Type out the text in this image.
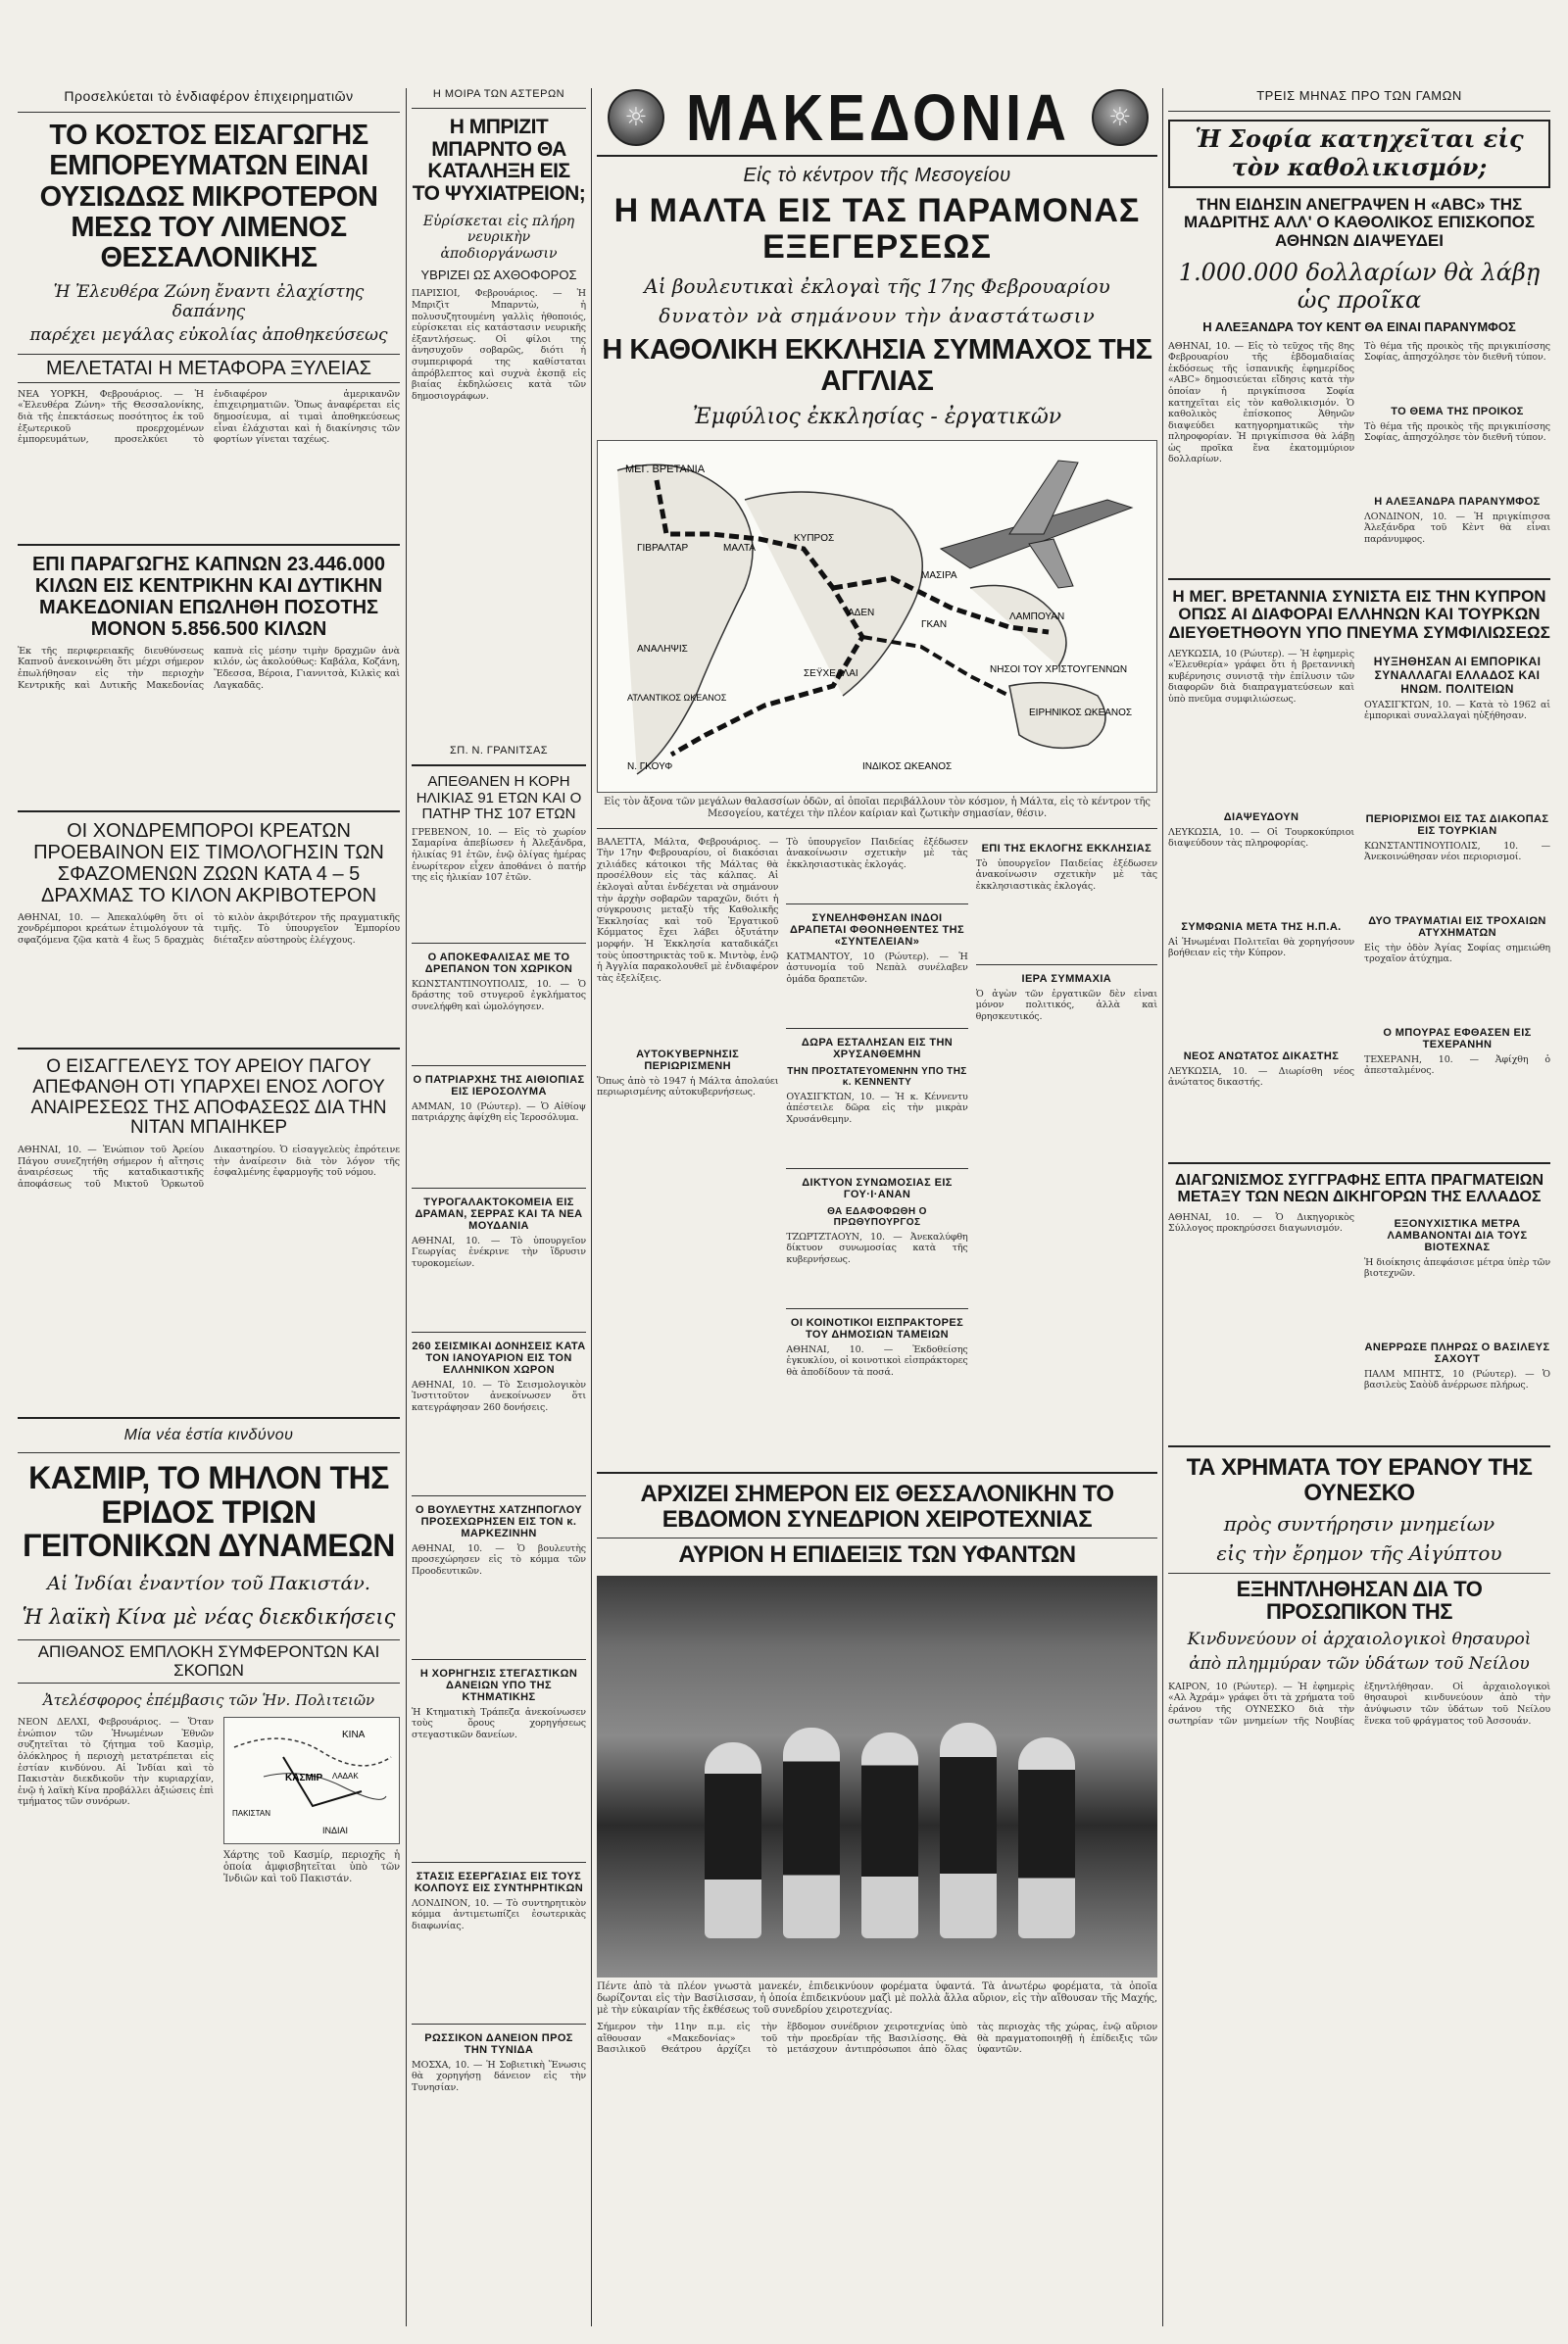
☼ ΜΑΚΕΔΟΝΙΑ	☼
Προσελκύεται τὸ ἐνδιαφέρον ἐπιχειρηματιῶν
ΤΟ ΚΟΣΤΟΣ ΕΙΣΑΓΩΓΗΣ ΕΜΠΟΡΕΥΜΑΤΩΝ ΕΙΝΑΙ ΟΥΣΙΩΔΩΣ ΜΙΚΡΟΤΕΡΟΝ ΜΕΣΩ ΤΟΥ ΛΙΜΕΝΟΣ ΘΕΣΣΑΛΟΝΙΚΗΣ
Ἡ Ἐλευθέρα Ζώνη ἔναντι ἐλαχίστης δαπάνης
παρέχει μεγάλας εὐκολίας ἀποθηκεύσεως
ΜΕΛΕΤΑΤΑΙ Η ΜΕΤΑΦΟΡΑ ΞΥΛΕΙΑΣ
ΝΕΑ ΥΟΡΚΗ, Φεβρουάριος. — Ἡ «Ἐλευθέρα Ζώνη» τῆς Θεσσαλονίκης, διὰ τῆς ἐπεκτάσεως ποσότητος ἐκ τοῦ ἐξωτερικοῦ προερχομένων ἐμπορευμάτων, προσελκύει τὸ ἐνδιαφέρον ἀμερικανῶν ἐπιχειρηματιῶν. Ὅπως ἀναφέρεται εἰς δημοσίευμα, αἱ τιμαὶ ἀποθηκεύσεως εἶναι ἐλάχισται καὶ ἡ διακίνησις τῶν φορτίων γίνεται ταχέως.
ΕΠΙ ΠΑΡΑΓΩΓΗΣ ΚΑΠΝΩΝ 23.446.000 ΚΙΛΩΝ ΕΙΣ ΚΕΝΤΡΙΚΗΝ ΚΑΙ ΔΥΤΙΚΗΝ ΜΑΚΕΔΟΝΙΑΝ ΕΠΩΛΗΘΗ ΠΟΣΟΤΗΣ ΜΟΝΟΝ 5.856.500 ΚΙΛΩΝ
Ἐκ τῆς περιφερειακῆς διευθύνσεως Καπνοῦ ἀνεκοινώθη ὅτι μέχρι σήμερον ἐπωλήθησαν εἰς τὴν περιοχὴν Κεντρικῆς καὶ Δυτικῆς Μακεδονίας καπνὰ εἰς μέσην τιμὴν δραχμῶν ἀνὰ κιλόν, ὡς ἀκολούθως: Καβάλα, Κοζάνη, Ἔδεσσα, Βέροια, Γιαννιτσὰ, Κιλκὶς καὶ Λαγκαδᾶς.
ΟΙ ΧΟΝΔΡΕΜΠΟΡΟΙ ΚΡΕΑΤΩΝ ΠΡΟΕΒΑΙΝΟΝ ΕΙΣ ΤΙΜΟΛΟΓΗΣΙΝ ΤΩΝ ΣΦΑΖΟΜΕΝΩΝ ΖΩΩΝ ΚΑΤΑ 4 – 5 ΔΡΑΧΜΑΣ ΤΟ ΚΙΛΟΝ ΑΚΡΙΒΟΤΕΡΟΝ
ΑΘΗΝΑΙ, 10. — Ἀπεκαλύφθη ὅτι οἱ χονδρέμποροι κρεάτων ἐτιμολόγουν τὰ σφαζόμενα ζῷα κατὰ 4 ἕως 5 δραχμὰς τὸ κιλὸν ἀκριβότερον τῆς πραγματικῆς τιμῆς. Τὸ ὑπουργεῖον Ἐμπορίου διέταξεν αὐστηροὺς ἐλέγχους.
Ο ΕΙΣΑΓΓΕΛΕΥΣ ΤΟΥ ΑΡΕΙΟΥ ΠΑΓΟΥ ΑΠΕΦΑΝΘΗ ΟΤΙ ΥΠΑΡΧΕΙ ΕΝΟΣ ΛΟΓΟΥ ΑΝΑΙΡΕΣΕΩΣ ΤΗΣ ΑΠΟΦΑΣΕΩΣ ΔΙΑ ΤΗΝ ΝΙΤΑΝ ΜΠΑΙΗΚΕΡ
ΑΘΗΝΑΙ, 10. — Ἐνώπιον τοῦ Ἀρείου Πάγου συνεζητήθη σήμερον ἡ αἴτησις ἀναιρέσεως τῆς καταδικαστικῆς ἀποφάσεως τοῦ Μικτοῦ Ὁρκωτοῦ Δικαστηρίου. Ὁ εἰσαγγελεὺς ἐπρότεινε τὴν ἀναίρεσιν διὰ τὸν λόγον τῆς ἐσφαλμένης ἐφαρμογῆς τοῦ νόμου.
Μία νέα ἑστία κινδύνου
ΚΑΣΜΙΡ, ΤΟ ΜΗΛΟΝ ΤΗΣ ΕΡΙΔΟΣ ΤΡΙΩΝ ΓΕΙΤΟΝΙΚΩΝ ΔΥΝΑΜΕΩΝ
Αἱ Ἰνδίαι ἐναντίον τοῦ Πακιστάν.
Ἡ λαϊκὴ Κίνα μὲ νέας διεκδικήσεις
ΑΠΙΘΑΝΟΣ ΕΜΠΛΟΚΗ ΣΥΜΦΕΡΟΝΤΩΝ ΚΑΙ ΣΚΟΠΩΝ
Ἀτελέσφορος ἐπέμβασις τῶν Ἡν. Πολιτειῶν
ΝΕΟΝ ΔΕΛΧΙ, Φεβρουάριος. — Ὅταν ἐνώπιον τῶν Ἡνωμένων Ἐθνῶν συζητεῖται τὸ ζήτημα τοῦ Κασμὶρ, ὁλόκληρος ἡ περιοχὴ μετατρέπεται εἰς ἑστίαν κινδύνου. Αἱ Ἰνδίαι καὶ τὸ Πακιστὰν διεκδικοῦν τὴν κυριαρχίαν, ἐνῷ ἡ λαϊκὴ Κίνα προβάλλει ἀξιώσεις ἐπὶ τμήματος τῶν συνόρων.
ΚΙΝΑ
ΚΑΣΜΙΡ ΛΑΔΑΚ
ΠΑΚΙΣΤΑΝ
ΙΝΔΙΑΙ
Χάρτης τοῦ Κασμίρ, περιοχῆς ἡ ὁποία ἀμφισβητεῖται ὑπὸ τῶν Ἰνδιῶν καὶ τοῦ Πακιστάν.
Η ΜΟΙΡΑ ΤΩΝ ΑΣΤΕΡΩΝ
Η ΜΠΡΙΖΙΤ ΜΠΑΡΝΤΟ ΘΑ ΚΑΤΑΛΗΞΗ ΕΙΣ ΤΟ ΨΥΧΙΑΤΡΕΙΟΝ;
Εὑρίσκεται εἰς πλήρη νευρικὴν ἀποδιοργάνωσιν
ΥΒΡΙΖΕΙ ΩΣ ΑΧΘΟΦΟΡΟΣ
ΠΑΡΙΣΙΟΙ, Φεβρουάριος. — Ἡ Μπριζὶτ Μπαρντὼ, ἡ πολυσυζητουμένη γαλλὶς ἠθοποιός, εὑρίσκεται εἰς κατάστασιν νευρικῆς ἐξαντλήσεως. Οἱ φίλοι της ἀνησυχοῦν σοβαρῶς, διότι ἡ συμπεριφορά της καθίσταται ἀπρόβλεπτος καὶ συχνὰ ἐκσπᾷ εἰς βιαίας ἐκδηλώσεις κατὰ τῶν δημοσιογράφων.
ΣΠ. Ν. ΓΡΑΝΙΤΣΑΣ
ΑΠΕΘΑΝΕΝ Η ΚΟΡΗ ΗΛΙΚΙΑΣ 91 ΕΤΩΝ ΚΑΙ Ο ΠΑΤΗΡ ΤΗΣ 107 ΕΤΩΝ
ΓΡΕΒΕΝΟΝ, 10. — Εἰς τὸ χωρίον Σαμαρίνα ἀπεβίωσεν ἡ Ἀλεξάνδρα, ἡλικίας 91 ἐτῶν, ἐνῷ ὀλίγας ἡμέρας ἐνωρίτερον εἶχεν ἀποθάνει ὁ πατήρ της εἰς ἡλικίαν 107 ἐτῶν.
Ο ΑΠΟΚΕΦΑΛΙΣΑΣ ΜΕ ΤΟ ΔΡΕΠΑΝΟΝ ΤΟΝ ΧΩΡΙΚΟΝ
ΚΩΝΣΤΑΝΤΙΝΟΥΠΟΛΙΣ, 10. — Ὁ δράστης τοῦ στυγεροῦ ἐγκλήματος συνελήφθη καὶ ὡμολόγησεν.
Ο ΠΑΤΡΙΑΡΧΗΣ ΤΗΣ ΑΙΘΙΟΠΙΑΣ ΕΙΣ ΙΕΡΟΣΟΛΥΜΑ
ΑΜΜΑΝ, 10 (Ρώυτερ). — Ὁ Αἰθίοψ πατριάρχης ἀφίχθη εἰς Ἰεροσόλυμα.
ΤΥΡΟΓΑΛΑΚΤΟΚΟΜΕΙΑ ΕΙΣ ΔΡΑΜΑΝ, ΣΕΡΡΑΣ ΚΑΙ ΤΑ ΝΕΑ ΜΟΥΔΑΝΙΑ
ΑΘΗΝΑΙ, 10. — Τὸ ὑπουργεῖον Γεωργίας ἐνέκρινε τὴν ἵδρυσιν τυροκομείων.
260 ΣΕΙΣΜΙΚΑΙ ΔΟΝΗΣΕΙΣ ΚΑΤΑ ΤΟΝ ΙΑΝΟΥΑΡΙΟΝ ΕΙΣ ΤΟΝ ΕΛΛΗΝΙΚΟΝ ΧΩΡΟΝ
ΑΘΗΝΑΙ, 10. — Τὸ Σεισμολογικὸν Ἰνστιτοῦτον ἀνεκοίνωσεν ὅτι κατεγράφησαν 260 δονήσεις.
Ο ΒΟΥΛΕΥΤΗΣ ΧΑΤΖΗΠΟΓΛΟΥ ΠΡΟΣΕΧΩΡΗΣΕΝ ΕΙΣ ΤΟΝ κ. ΜΑΡΚΕΖΙΝΗΝ
ΑΘΗΝΑΙ, 10. — Ὁ βουλευτὴς προσεχώρησεν εἰς τὸ κόμμα τῶν Προοδευτικῶν.
Η ΧΟΡΗΓΗΣΙΣ ΣΤΕΓΑΣΤΙΚΩΝ ΔΑΝΕΙΩΝ ΥΠΟ ΤΗΣ ΚΤΗΜΑΤΙΚΗΣ
Ἡ Κτηματικὴ Τράπεζα ἀνεκοίνωσεν τοὺς ὅρους χορηγήσεως στεγαστικῶν δανείων.
ΣΤΑΣΙΣ ΕΣΕΡΓΑΣΙΑΣ ΕΙΣ ΤΟΥΣ ΚΟΛΠΟΥΣ ΕΙΣ ΣΥΝΤΗΡΗΤΙΚΩΝ
ΛΟΝΔΙΝΟΝ, 10. — Τὸ συντηρητικὸν κόμμα ἀντιμετωπίζει ἐσωτερικὰς διαφωνίας.
ΡΩΣΣΙΚΟΝ ΔΑΝΕΙΟΝ ΠΡΟΣ ΤΗΝ ΤΥΝΙΔΑ
ΜΟΣΧΑ, 10. — Ἡ Σοβιετικὴ Ἕνωσις θὰ χορηγήσῃ δάνειον εἰς τὴν Τυνησίαν.
Εἰς τὸ κέντρον τῆς Μεσογείου
Η ΜΑΛΤΑ ΕΙΣ ΤΑΣ ΠΑΡΑΜΟΝΑΣ ΕΞΕΓΕΡΣΕΩΣ
Αἱ βουλευτικαὶ ἐκλογαὶ τῆς 17ης Φεβρουαρίου
δυνατὸν νὰ σημάνουν τὴν ἀναστάτωσιν
Η ΚΑΘΟΛΙΚΗ ΕΚΚΛΗΣΙΑ ΣΥΜΜΑΧΟΣ ΤΗΣ ΑΓΓΛΙΑΣ
Ἐμφύλιος ἐκκλησίας - ἐργατικῶν
ΜΕΓ. ΒΡΕΤΑΝΙΑ
ΓΙΒΡΑΛΤΑΡ	ΜΑΛΤΑ
ΚΥΠΡΟΣ
ΑΔΕΝ
ΜΑΣΙΡΑ
ΓΚΑΝ
ΛΑΜΠΟΥΑΝ
ΑΝΑΛΗΨΙΣ
ΣΕΫΧΕΛΛΑΙ
ΑΤΛΑΝΤΙΚΟΣ ΩΚΕΑΝΟΣ
Ν. ΓΚΟΥΦ	ΙΝΔΙΚΟΣ ΩΚΕΑΝΟΣ
ΝΗΣΟΙ ΤΟΥ ΧΡΙΣΤΟΥΓΕΝΝΩΝ
ΕΙΡΗΝΙΚΟΣ ΩΚΕΑΝΟΣ
Εἰς τὸν ἄξονα τῶν μεγάλων θαλασσίων ὁδῶν, αἱ ὁποῖαι περιβάλλουν τὸν κόσμον, ἡ Μάλτα, εἰς τὸ κέντρον τῆς Μεσογείου, κατέχει τὴν πλέον καίριαν καὶ ζωτικὴν σημασίαν, θέσιν.
ΒΑΛΕΤΤΑ, Μάλτα, Φεβρουάριος. — Τὴν 17ην Φεβρουαρίου, οἱ διακόσιαι χιλιάδες κάτοικοι τῆς Μάλτας θὰ προσέλθουν εἰς τὰς κάλπας. Αἱ ἐκλογαὶ αὗται ἐνδέχεται νὰ σημάνουν τὴν ἀρχὴν σοβαρῶν ταραχῶν, διότι ἡ σύγκρουσις μεταξὺ τῆς Καθολικῆς Ἐκκλησίας καὶ τοῦ Ἐργατικοῦ Κόμματος ἔχει λάβει ὀξυτάτην μορφήν. Ἡ Ἐκκλησία καταδικάζει τοὺς ὑποστηρικτὰς τοῦ κ. Μιντὸφ, ἐνῷ ἡ Ἀγγλία παρακολουθεῖ μὲ ἐνδιαφέρον τὰς ἐξελίξεις.
ΑΥΤΟΚΥΒΕΡΝΗΣΙΣ ΠΕΡΙΩΡΙΣΜΕΝΗ
Ὅπως ἀπὸ τὸ 1947 ἡ Μάλτα ἀπολαύει περιωρισμένης αὐτοκυβερνήσεως.
Τὸ ὑπουργεῖον Παιδείας ἐξέδωσεν ἀνακοίνωσιν σχετικὴν μὲ τὰς ἐκκλησιαστικὰς ἐκλογάς.
ΣΥΝΕΛΗΦΘΗΣΑΝ ΙΝΔΟΙ ΔΡΑΠΕΤΑΙ ΦΘΟΝΗΘΕΝΤΕΣ ΤΗΣ «ΣΥΝΤΕΛΕΙΑΝ»
ΚΑΤΜΑΝΤΟΥ, 10 (Ρώυτερ). — Ἡ ἀστυνομία τοῦ Νεπὰλ συνέλαβεν ὁμάδα δραπετῶν.
ΔΩΡΑ ΕΣΤΑΛΗΣΑΝ ΕΙΣ ΤΗΝ ΧΡΥΣΑΝΘΕΜΗΝ
ΤΗΝ ΠΡΟΣΤΑΤΕΥΟΜΕΝΗΝ ΥΠΟ ΤΗΣ κ. ΚΕΝΝΕΝΤΥ
ΟΥΑΣΙΓΚΤΩΝ, 10. — Ἡ κ. Κέννεντυ ἀπέστειλε δῶρα εἰς τὴν μικρὰν Χρυσάνθεμην.
ΔΙΚΤΥΟΝ ΣΥΝΩΜΟΣΙΑΣ ΕΙΣ ΓΟΥ·Ι·ΑΝΑΝ
ΘΑ ΕΔΑΦΟΦΩΘΗ Ο ΠΡΩΘΥΠΟΥΡΓΟΣ
ΤΖΩΡΤΖΤΑΟΥΝ, 10. — Ἀνεκαλύφθη δίκτυον συνωμοσίας κατὰ τῆς κυβερνήσεως.
ΟΙ ΚΟΙΝΟΤΙΚΟΙ ΕΙΣΠΡΑΚΤΟΡΕΣ ΤΟΥ ΔΗΜΟΣΙΩΝ ΤΑΜΕΙΩΝ
ΑΘΗΝΑΙ, 10. — Ἐκδοθείσης ἐγκυκλίου, οἱ κοινοτικοὶ εἰσπράκτορες θὰ ἀποδίδουν τὰ ποσά.
ΕΠΙ ΤΗΣ ΕΚΛΟΓΗΣ ΕΚΚΛΗΣΙΑΣ
Τὸ ὑπουργεῖον Παιδείας ἐξέδωσεν ἀνακοίνωσιν σχετικὴν μὲ τὰς ἐκκλησιαστικὰς ἐκλογάς.
ΙΕΡΑ ΣΥΜΜΑΧΙΑ
Ὁ ἀγὼν τῶν ἐργατικῶν δὲν εἶναι μόνον πολιτικός, ἀλλὰ καὶ θρησκευτικός.
ΑΡΧΙΖΕΙ ΣΗΜΕΡΟΝ ΕΙΣ ΘΕΣΣΑΛΟΝΙΚΗΝ ΤΟ ΕΒΔΟΜΟΝ ΣΥΝΕΔΡΙΟΝ ΧΕΙΡΟΤΕΧΝΙΑΣ
ΑΥΡΙΟΝ Η ΕΠΙΔΕΙΞΙΣ ΤΩΝ ΥΦΑΝΤΩΝ
Πέντε ἀπὸ τὰ πλέον γνωστὰ μανεκέν, ἐπιδεικνύουν φορέματα ὑφαντά. Τὰ ἀνωτέρω φορέματα, τὰ ὁποῖα δωρίζονται εἰς τὴν Βασίλισσαν, ἡ ὁποία ἐπιδεικνύουν μαζὶ μὲ πολλὰ ἄλλα αὔριον, εἰς τὴν αἴθουσαν τῆς Μαχής, μὲ τὴν εὐκαιρίαν τῆς ἐκθέσεως τοῦ συνεδρίου χειροτεχνίας.
Σήμερον τὴν 11ην π.μ. εἰς τὴν αἴθουσαν «Μακεδονίας» τοῦ Βασιλικοῦ Θεάτρου ἀρχίζει τὸ ἕβδομον συνέδριον χειροτεχνίας ὑπὸ τὴν προεδρίαν τῆς Βασιλίσσης. Θὰ μετάσχουν ἀντιπρόσωποι ἀπὸ ὅλας τὰς περιοχὰς τῆς χώρας, ἐνῷ αὔριον θὰ πραγματοποιηθῇ ἡ ἐπίδειξις τῶν ὑφαντῶν.
ΤΡΕΙΣ ΜΗΝΑΣ ΠΡΟ ΤΩΝ ΓΑΜΩΝ
Ἡ Σοφία κατηχεῖται εἰς τὸν καθολικισμόν;
ΤΗΝ ΕΙΔΗΣΙΝ ΑΝΕΓΡΑΨΕΝ Η «ABC» ΤΗΣ ΜΑΔΡΙΤΗΣ ΑΛΛ' Ο ΚΑΘΟΛΙΚΟΣ ΕΠΙΣΚΟΠΟΣ ΑΘΗΝΩΝ ΔΙΑΨΕΥΔΕΙ
1.000.000 δολλαρίων θὰ λάβῃ ὡς προῖκα
Η ΑΛΕΞΑΝΔΡΑ ΤΟΥ ΚΕΝΤ ΘΑ ΕΙΝΑΙ ΠΑΡΑΝΥΜΦΟΣ
ΑΘΗΝΑΙ, 10. — Εἰς τὸ τεῦχος τῆς 8ης Φεβρουαρίου τῆς ἑβδομαδιαίας ἐκδόσεως τῆς ἱσπανικῆς ἐφημερίδος «ABC» δημοσιεύεται εἴδησις κατὰ τὴν ὁποίαν ἡ πριγκίπισσα Σοφία κατηχεῖται εἰς τὸν καθολικισμόν. Ὁ καθολικὸς ἐπίσκοπος Ἀθηνῶν διαψεύδει κατηγορηματικῶς τὴν πληροφορίαν. Ἡ πριγκίπισσα θὰ λάβῃ ὡς προῖκα ἕνα ἑκατομμύριον δολλαρίων.
Τὸ θέμα τῆς προικὸς τῆς πριγκιπίσσης Σοφίας, ἀπησχόλησε τὸν διεθνῆ τύπον.
ΤΟ ΘΕΜΑ ΤΗΣ ΠΡΟΙΚΟΣ
Τὸ θέμα τῆς προικὸς τῆς πριγκιπίσσης Σοφίας, ἀπησχόλησε τὸν διεθνῆ τύπον.
Η ΑΛΕΞΑΝΔΡΑ ΠΑΡΑΝΥΜΦΟΣ
ΛΟΝΔΙΝΟΝ, 10. — Ἡ πριγκίπισσα Ἀλεξάνδρα τοῦ Κὲντ θὰ εἶναι παράνυμφος.
Η ΜΕΓ. ΒΡΕΤΑΝΝΙΑ ΣΥΝΙΣΤΑ ΕΙΣ ΤΗΝ ΚΥΠΡΟΝ ΟΠΩΣ ΑΙ ΔΙΑΦΟΡΑΙ ΕΛΛΗΝΩΝ ΚΑΙ ΤΟΥΡΚΩΝ ΔΙΕΥΘΕΤΗΘΟΥΝ ΥΠΟ ΠΝΕΥΜΑ ΣΥΜΦΙΛΙΩΣΕΩΣ
ΛΕΥΚΩΣΙΑ, 10 (Ρώυτερ). — Ἡ ἐφημερὶς «Ἐλευθερία» γράφει ὅτι ἡ βρεταννικὴ κυβέρνησις συνιστᾷ τὴν ἐπίλυσιν τῶν διαφορῶν διὰ διαπραγματεύσεων καὶ ὑπὸ πνεῦμα συμφιλιώσεως.
ΔΙΑΨΕΥΔΟΥΝ
ΛΕΥΚΩΣΙΑ, 10. — Οἱ Τουρκοκύπριοι διαψεύδουν τὰς πληροφορίας.
ΣΥΜΦΩΝΙΑ ΜΕΤΑ ΤΗΣ Η.Π.Α.
Αἱ Ἡνωμέναι Πολιτεῖαι θὰ χορηγήσουν βοήθειαν εἰς τὴν Κύπρον.
ΝΕΟΣ ΑΝΩΤΑΤΟΣ ΔΙΚΑΣΤΗΣ
ΛΕΥΚΩΣΙΑ, 10. — Διωρίσθη νέος ἀνώτατος δικαστής.
ΗΥΞΗΘΗΣΑΝ ΑΙ ΕΜΠΟΡΙΚΑΙ ΣΥΝΑΛΛΑΓΑΙ ΕΛΛΑΔΟΣ ΚΑΙ ΗΝΩΜ. ΠΟΛΙΤΕΙΩΝ
ΟΥΑΣΙΓΚΤΩΝ, 10. — Κατὰ τὸ 1962 αἱ ἐμπορικαὶ συναλλαγαὶ ηὐξήθησαν.
ΠΕΡΙΟΡΙΣΜΟΙ ΕΙΣ ΤΑΣ ΔΙΑΚΟΠΑΣ ΕΙΣ ΤΟΥΡΚΙΑΝ
ΚΩΝΣΤΑΝΤΙΝΟΥΠΟΛΙΣ, 10. — Ἀνεκοινώθησαν νέοι περιορισμοί.
ΔΥΟ ΤΡΑΥΜΑΤΙΑΙ ΕΙΣ ΤΡΟΧΑΙΩΝ ΑΤΥΧΗΜΑΤΩΝ
Εἰς τὴν ὁδὸν Ἁγίας Σοφίας σημειώθη τροχαῖον ἀτύχημα.
Ο ΜΠΟΥΡΑΣ ΕΦΘΑΣΕΝ ΕΙΣ ΤΕΧΕΡΑΝΗΝ
ΤΕΧΕΡΑΝΗ, 10. — Ἀφίχθη ὁ ἀπεσταλμένος.
ΔΙΑΓΩΝΙΣΜΟΣ ΣΥΓΓΡΑΦΗΣ ΕΠΤΑ ΠΡΑΓΜΑΤΕΙΩΝ ΜΕΤΑΞΥ ΤΩΝ ΝΕΩΝ ΔΙΚΗΓΟΡΩΝ ΤΗΣ ΕΛΛΑΔΟΣ
ΑΘΗΝΑΙ, 10. — Ὁ Δικηγορικὸς Σύλλογος προκηρύσσει διαγωνισμόν.	ΕΞΟΝΥΧΙΣΤΙΚΑ ΜΕΤΡΑ ΛΑΜΒΑΝΟΝΤΑΙ ΔΙΑ ΤΟΥΣ ΒΙΟΤΕΧΝΑΣ
Ἡ διοίκησις ἀπεφάσισε μέτρα ὑπὲρ τῶν βιοτεχνῶν.
ΑΝΕΡΡΩΣΕ ΠΛΗΡΩΣ Ο ΒΑΣΙΛΕΥΣ ΣΑΧΟΥΤ
ΠΑΛΜ ΜΠΗΤΣ, 10 (Ρώυτερ). — Ὁ βασιλεὺς Σαὸὺδ ἀνέρρωσε πλήρως.
ΤΑ ΧΡΗΜΑΤΑ ΤΟΥ ΕΡΑΝΟΥ ΤΗΣ ΟΥΝΕΣΚΟ
πρὸς συντήρησιν μνημείων
εἰς τὴν ἔρημον τῆς Αἰγύπτου
ΕΞΗΝΤΛΗΘΗΣΑΝ ΔΙΑ ΤΟ ΠΡΟΣΩΠΙΚΟΝ ΤΗΣ
Κινδυνεύουν οἱ ἀρχαιολογικοὶ θησαυροὶ
ἀπὸ πλημμύραν τῶν ὑδάτων τοῦ Νείλου
ΚΑΙΡΟΝ, 10 (Ρώυτερ). — Ἡ ἐφημερὶς «Αλ Ἀχράμ» γράφει ὅτι τὰ χρήματα τοῦ ἐράνου τῆς ΟΥΝΕΣΚΟ διὰ τὴν σωτηρίαν τῶν μνημείων τῆς Νουβίας ἐξηντλήθησαν. Οἱ ἀρχαιολογικοὶ θησαυροὶ κινδυνεύουν ἀπὸ τὴν ἀνύψωσιν τῶν ὑδάτων τοῦ Νείλου ἕνεκα τοῦ φράγματος τοῦ Ἀσσουάν.
